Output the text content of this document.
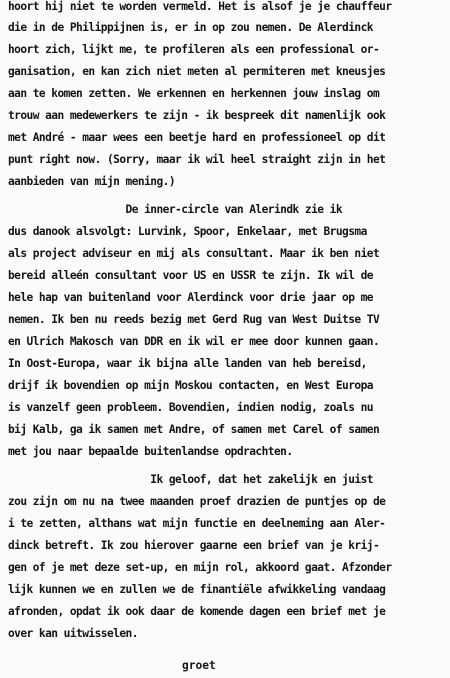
hoort hij niet te worden vermeld. Het is alsof je je chauffeur
die in de Philippijnen is, er in op zou nemen. De Alerdinck
hoort zich, lijkt me, te profileren als een professional or-
ganisation, en kan zich niet meten al permiteren met kneusjes
aan te komen zetten. We erkennen en herkennen jouw inslag om
trouw aan medewerkers te zijn - ik bespreek dit namenlijk ook
met André - maar wees een beetje hard en professioneel op dit
punt right now. (Sorry, maar ik wil heel straight zijn in het
aanbieden van mijn mening.)
De inner-circle van Alerindk zie ik
dus danook alsvolgt: Lurvink, Spoor, Enkelaar, met Brugsma
als project adviseur en mij als consultant. Maar ik ben niet
bereid alleén consultant voor US en USSR te zijn. Ik wil de
hele hap van buitenland voor Alerdinck voor drie jaar op me
nemen. Ik ben nu reeds bezig met Gerd Rug van West Duitse TV
en Ulrich Makosch van DDR en ik wil er mee door kunnen gaan.
In Oost-Europa, waar ik bijna alle landen van heb bereisd,
drijf ik bovendien op mijn Moskou contacten, en West Europa
is vanzelf geen probleem. Bovendien, indien nodig, zoals nu
bij Kalb, ga ik samen met Andre, of samen met Carel of samen
met jou naar bepaalde buitenlandse opdrachten.
Ik geloof, dat het zakelijk en juist
zou zijn om nu na twee maanden proef drazien de puntjes op de
i te zetten, althans wat mijn functie en deelneming aan Aler-
dinck betreft. Ik zou hierover gaarne een brief van je krij-
gen of je met deze set-up, en mijn rol, akkoord gaat. Afzonder
lijk kunnen we en zullen we de finantiële afwikkeling vandaag
afronden, opdat ik ook daar de komende dagen een brief met je
over kan uitwisselen.
groet
